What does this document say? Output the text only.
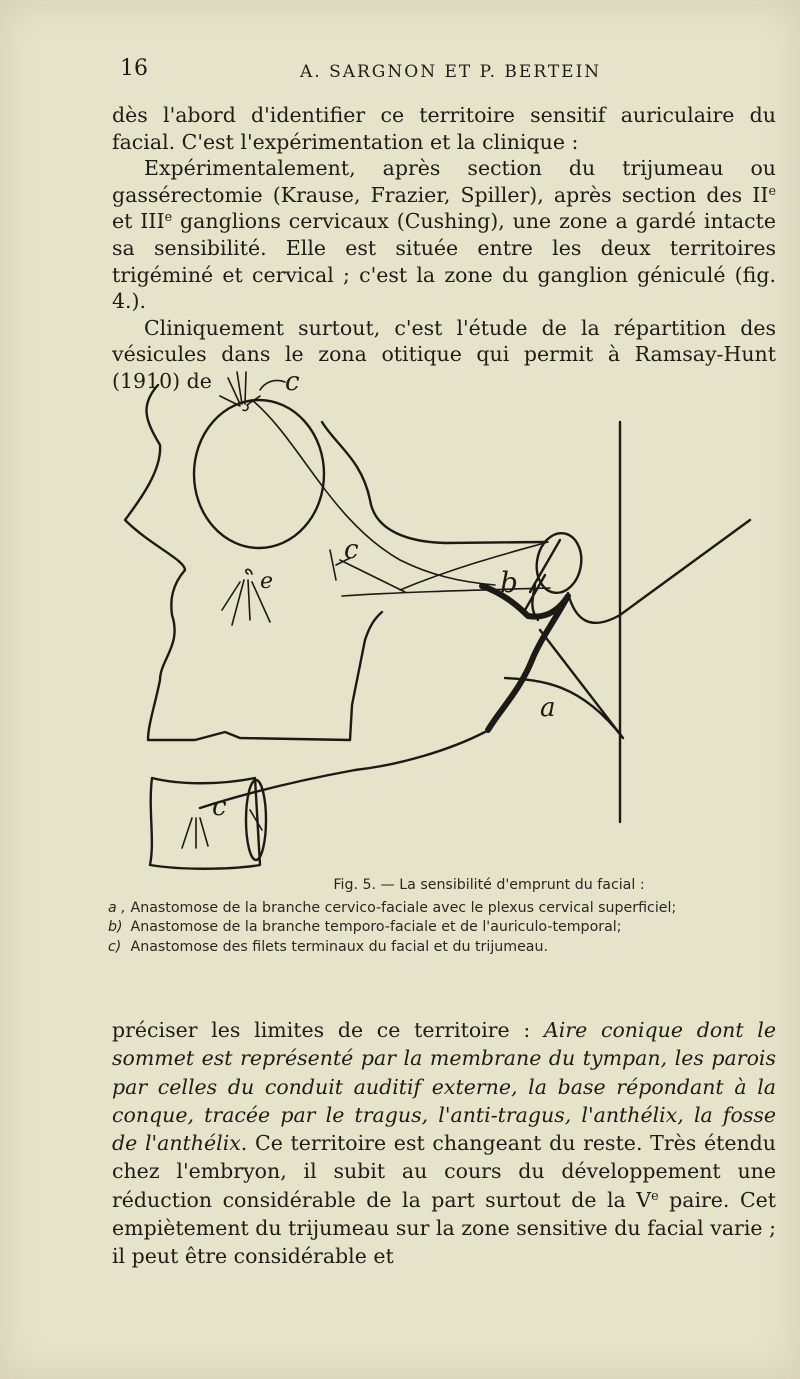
16	A. SARGNON ET P. BERTEIN

dès l'abord d'identifier ce territoire sensitif auriculaire du facial. C'est l'expérimentation et la clinique :

Expérimentalement, après section du trijumeau ou gassérectomie (Krause, Frazier, Spiller), après section des IIe et IIIe ganglions cervicaux (Cushing), une zone a gardé intacte sa sensibilité. Elle est située entre les deux territoires trigéminé et cervical ; c'est la zone du ganglion géniculé (fig. 4.).

Cliniquement surtout, c'est l'étude de la répartition des vésicules dans le zona otitique qui permit à Ramsay-Hunt (1910) de	c
c
e	b
a
c
Fig. 5. — La sensibilité d'emprunt du facial :
a , Anastomose de la branche cervico-faciale avec le plexus cervical superficiel;
b) Anastomose de la branche temporo-faciale et de l'auriculo-temporal;
c) Anastomose des filets terminaux du facial et du trijumeau.

préciser les limites de ce territoire : Aire conique dont le sommet est représenté par la membrane du tympan, les parois par celles du conduit auditif externe, la base répondant à la conque, tracée par le tragus, l'anti-tragus, l'anthélix, la fosse de l'anthélix. Ce territoire est changeant du reste. Très étendu chez l'embryon, il subit au cours du développement une réduction considérable de la part surtout de la Ve paire. Cet empiètement du trijumeau sur la zone sensitive du facial varie ; il peut être considérable et
